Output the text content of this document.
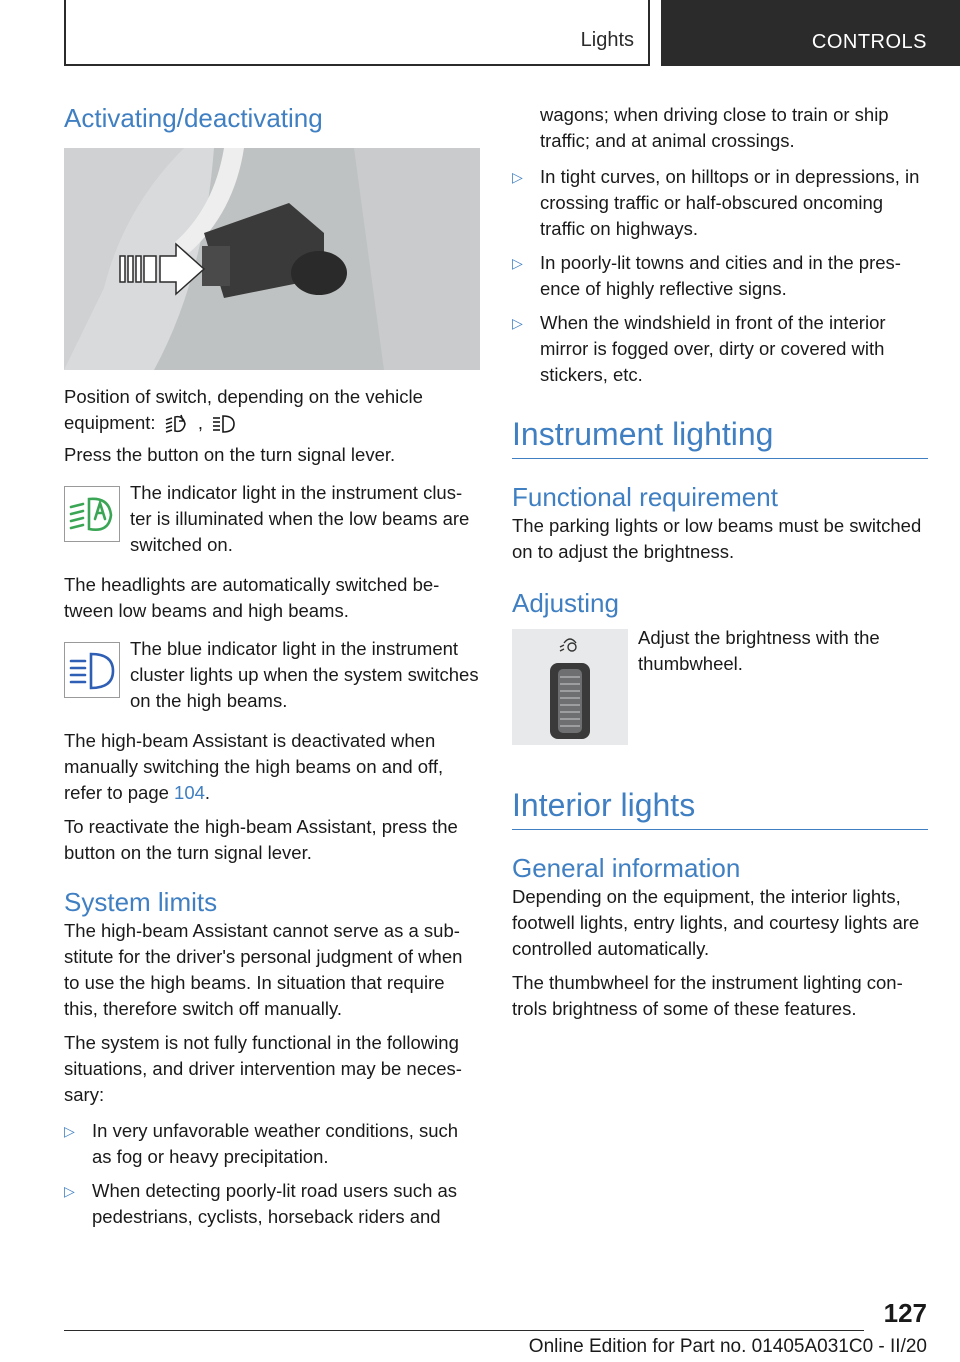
Lights	CONTROLS
Activating/deactivating

Position of switch, depending on the vehicle equipment: ,

Press the button on the turn signal lever.

The indicator light in the instrument clus-ter is illuminated when the low beams are switched on.

The headlights are automatically switched be-tween low beams and high beams.

The blue indicator light in the instrument cluster lights up when the system switches on the high beams.

The high-beam Assistant is deactivated when manually switching the high beams on and off, refer to page 104.

To reactivate the high-beam Assistant, press the button on the turn signal lever.

System limits

The high-beam Assistant cannot serve as a sub-stitute for the driver's personal judgment of when to use the high beams. In situation that require this, therefore switch off manually.

The system is not fully functional in the following situations, and driver intervention may be neces-sary:

▷ In very unfavorable weather conditions, such as fog or heavy precipitation.
▷ When detecting poorly-lit road users such as pedestrians, cyclists, horseback riders and

wagons; when driving close to train or ship traffic; and at animal crossings.

▷ In tight curves, on hilltops or in depressions, in crossing traffic or half-obscured oncoming traffic on highways.
▷ In poorly-lit towns and cities and in the pres-ence of highly reflective signs.
▷ When the windshield in front of the interior mirror is fogged over, dirty or covered with stickers, etc.
Instrument lighting
Functional requirement

The parking lights or low beams must be switched on to adjust the brightness.

Adjusting
Adjust the brightness with the thumbwheel.
Interior lights
General information

Depending on the equipment, the interior lights, footwell lights, entry lights, and courtesy lights are controlled automatically.

The thumbwheel for the instrument lighting con-trols brightness of some of these features.

127
Online Edition for Part no. 01405A031C0 - II/20
